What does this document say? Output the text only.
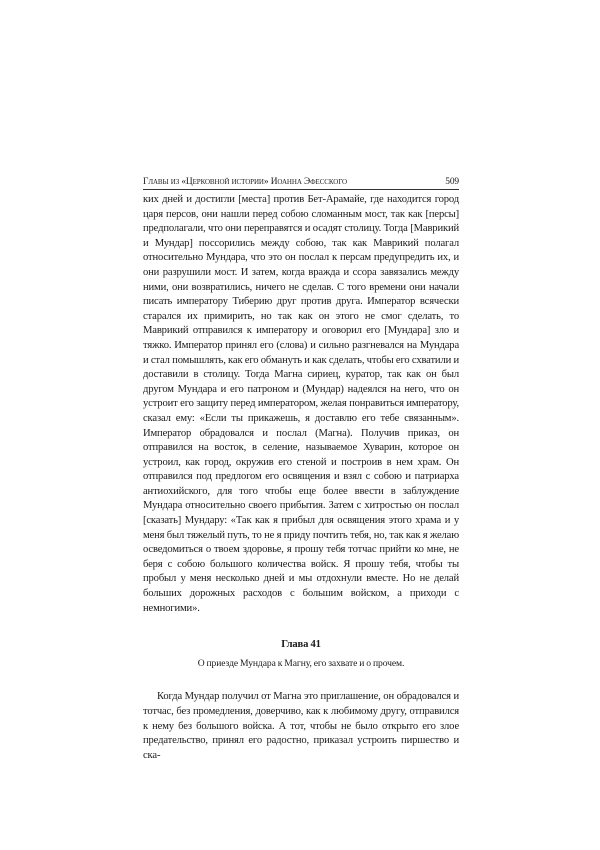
Главы из «Церковной истории» Иоанна Эфесского	509

ких дней и достигли [места] против Бет-Арамайе, где находится город царя персов, они нашли перед собою сломанным мост, так как [персы] предполагали, что они переправятся и осадят столицу. Тогда [Маврикий и Мундар] поссорились между собою, так как Маврикий полагал относительно Мундара, что это он послал к персам предупредить их, и они разрушили мост. И затем, когда вражда и ссора завязались между ними, они возвратились, ничего не сделав. С того времени они начали писать императору Тиберию друг против друга. Император всячески старался их примирить, но так как он этого не смог сделать, то Маврикий отправился к императору и оговорил его [Мундара] зло и тяжко. Император принял его (слова) и сильно разгневался на Мундара и стал помышлять, как его обмануть и как сделать, чтобы его схватили и доставили в столицу. Тогда Магна сириец, куратор, так как он был другом Мундара и его патроном и (Мундар) надеялся на него, что он устроит его защиту перед императором, желая понравиться императору, сказал ему: «Если ты прикажешь, я доставлю его тебе связанным». Император обрадовался и послал (Магна). Получив приказ, он отправился на восток, в селение, называемое Хуварин, которое он устроил, как город, окружив его стеной и построив в нем храм. Он отправился под предлогом его освящения и взял с собою и патриарха антиохийского, для того чтобы еще более ввести в заблуждение Мундара относительно своего прибытия. Затем с хитростью он послал [сказать] Мундару: «Так как я прибыл для освящения этого храма и у меня был тяжелый путь, то не я приду почтить тебя, но, так как я желаю осведомиться о твоем здоровье, я прошу тебя тотчас прийти ко мне, не беря с собою большого количества войск. Я прошу тебя, чтобы ты пробыл у меня несколько дней и мы отдохнули вместе. Но не делай больших дорожных расходов с большим войском, а приходи с немногими».

Глава 41
О приезде Мундара к Магну, его захвате и о прочем.

Когда Мундар получил от Магна это приглашение, он обрадовался и тотчас, без промедления, доверчиво, как к любимому другу, отправился к нему без большого войска. А тот, чтобы не было открыто его злое предательство, принял его радостно, приказал устроить пиршество и ска-
